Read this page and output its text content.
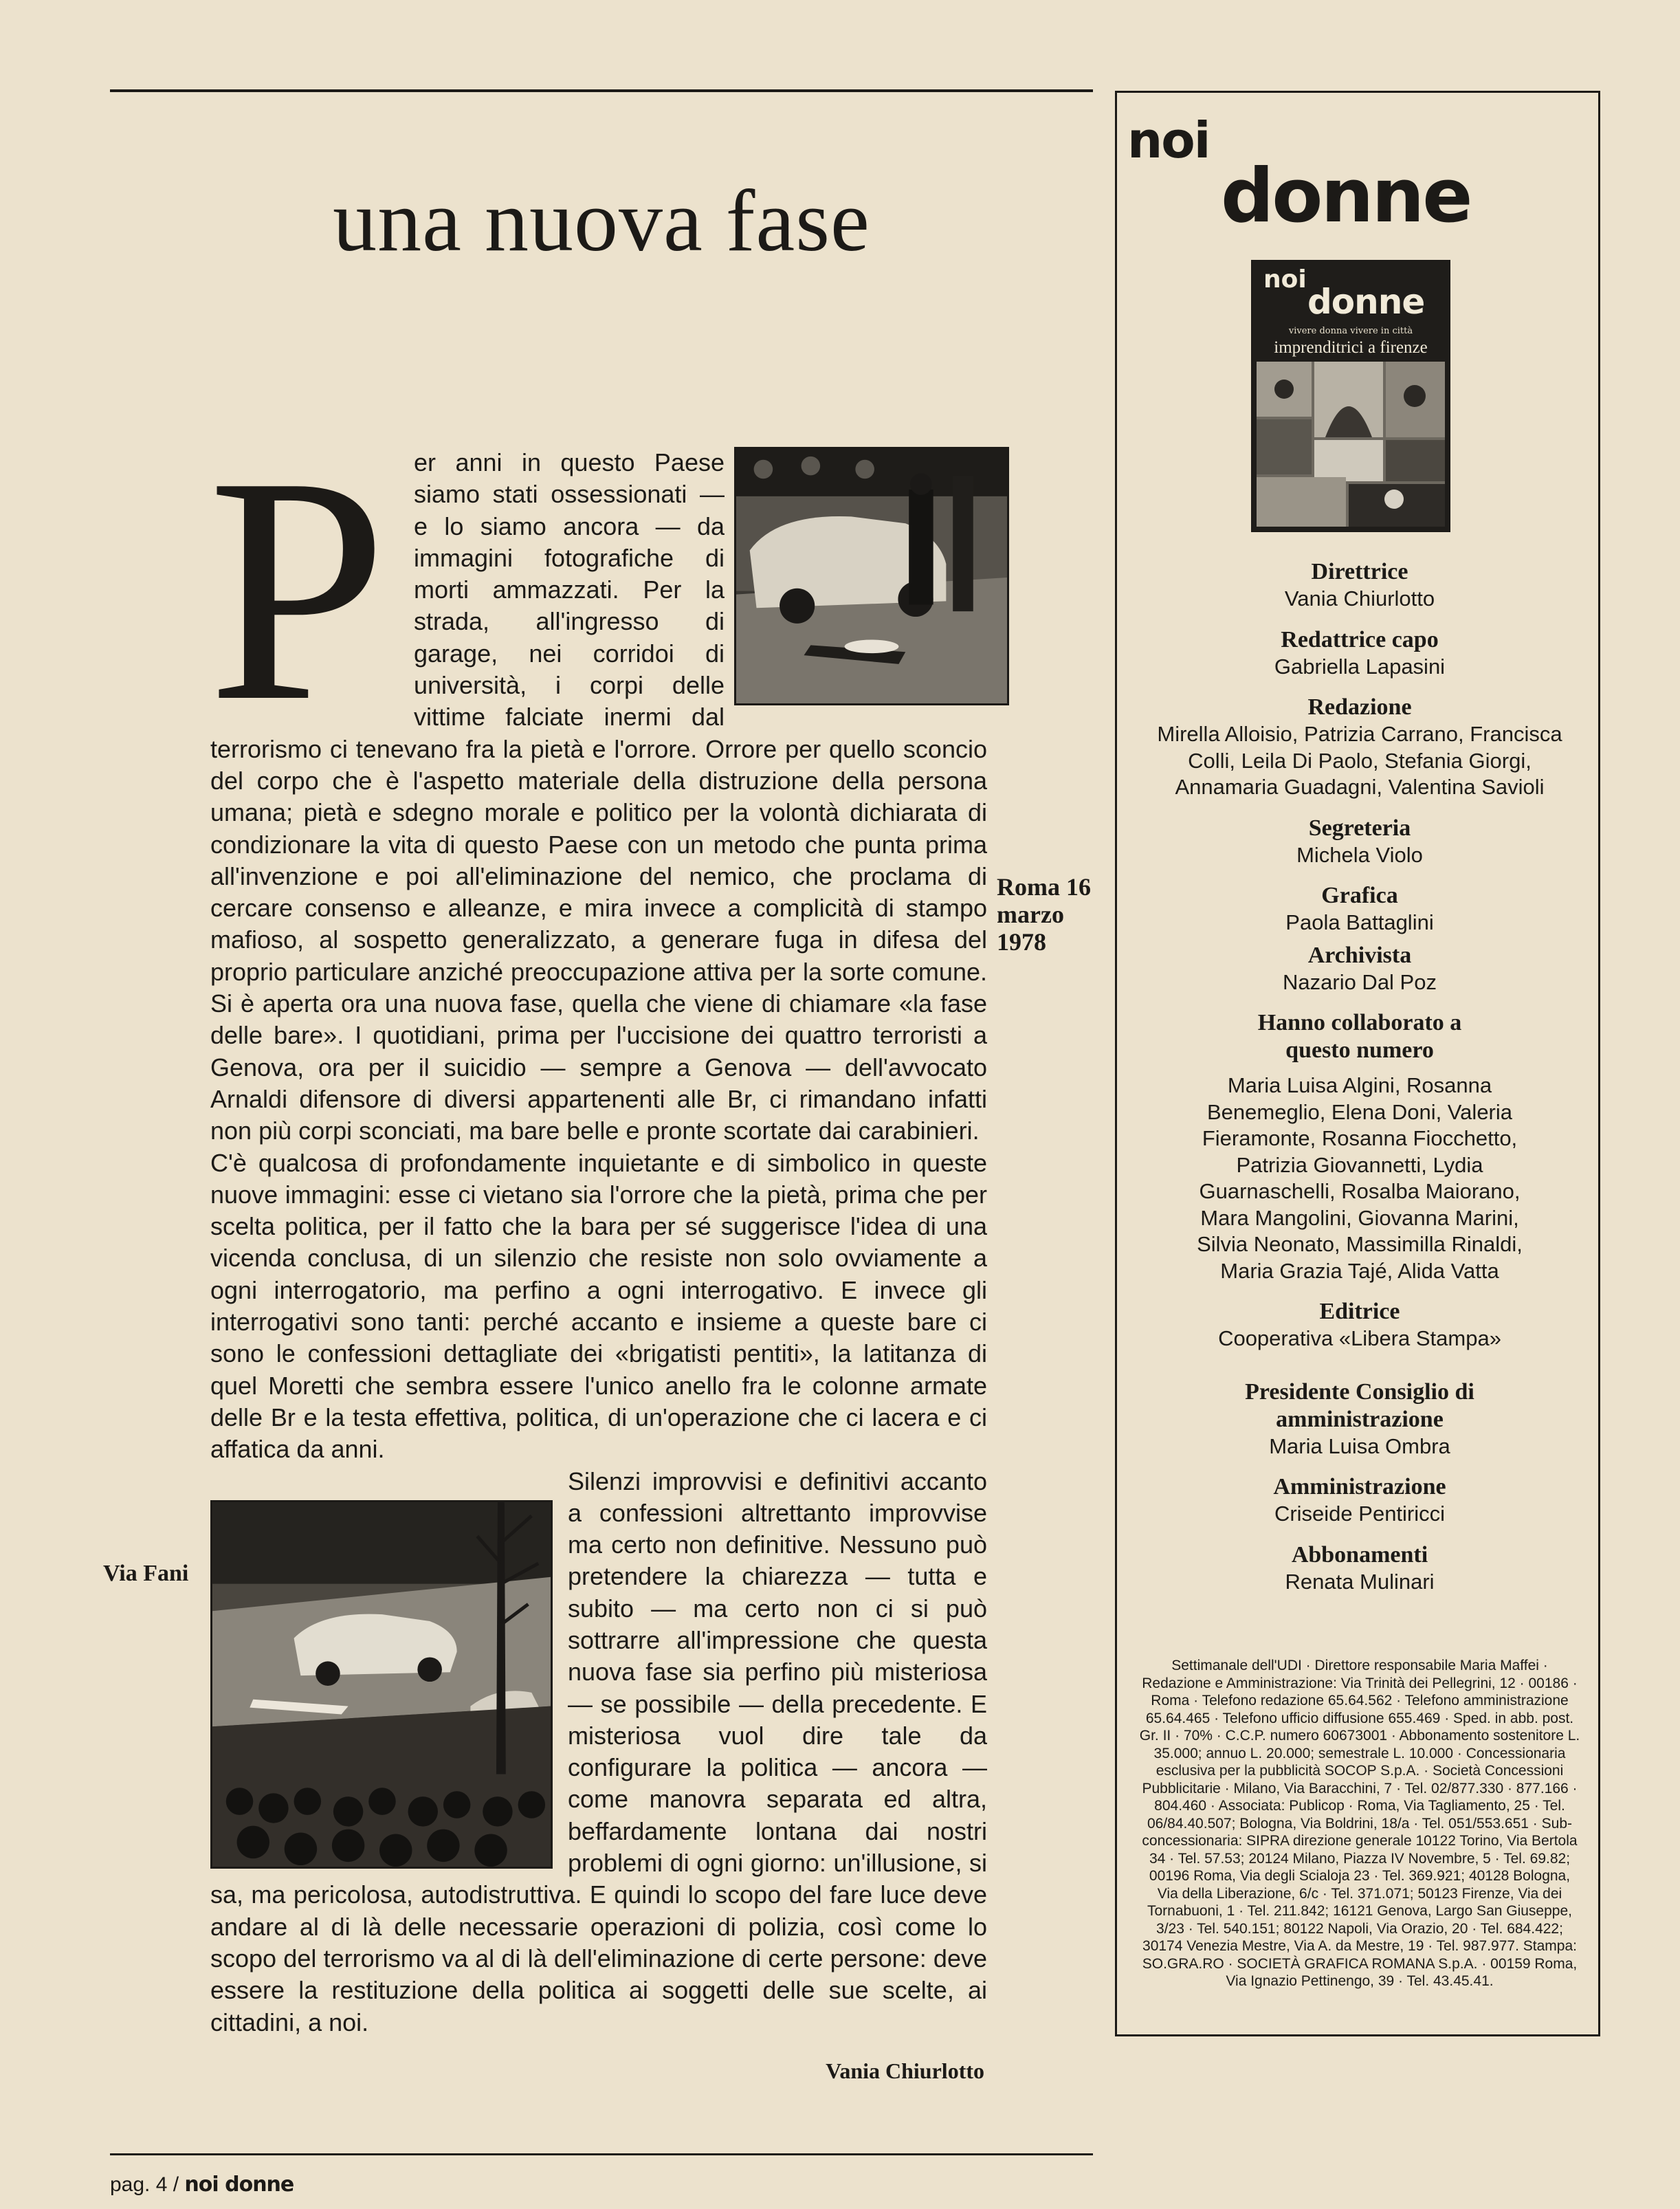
una nuova fase
P	er anni in questo Paese siamo stati ossessionati — e lo siamo ancora — da immagini fotografiche di morti ammazzati. Per la strada, all'ingresso di garage, nei corridoi di università, i corpi delle vittime falciate inermi dal terrorismo ci tenevano fra la pietà e l'orrore. Orrore per quello sconcio del corpo che è l'aspetto materiale della distruzione della persona umana; pietà e sdegno morale e politico per la volontà dichiarata di condizionare la vita di questo Paese con un metodo che punta prima all'invenzione e poi all'eliminazione del nemico, che proclama di cercare consenso e alleanze, e mira invece a complicità di stampo mafioso, al sospetto generalizzato, a generare fuga in difesa del proprio particulare anziché preoccupazione attiva per la sorte comune. Si è aperta ora una nuova fase, quella che viene di chiamare «la fase delle bare». I quotidiani, prima per l'uccisione dei quattro terroristi a Genova, ora per il suicidio — sempre a Genova — dell'avvocato Arnaldi difensore di diversi appartenenti alle Br, ci rimandano infatti non più corpi sconciati, ma bare belle e pronte scortate dai carabinieri.

C'è qualcosa di profondamente inquietante e di simbolico in queste nuove immagini: esse ci vietano sia l'orrore che la pietà, prima che per scelta politica, per il fatto che la bara per sé suggerisce l'idea di una vicenda conclusa, di un silenzio che resiste non solo ovviamente a ogni interrogatorio, ma perfino a ogni interrogativo. E invece gli interrogativi sono tanti: perché accanto e insieme a queste bare ci sono le confessioni dettagliate dei «brigatisti pentiti», la latitanza di quel Moretti che sembra essere l'unico anello fra le colonne armate delle Br e la testa effettiva, politica, di un'operazione che ci lacera e ci affatica da anni.

Silenzi improvvisi e definitivi accanto a confessioni altrettanto improvvise ma certo non definitive. Nessuno può pretendere la chiarezza — tutta e subito — ma certo non ci si può sottrarre all'impressione che questa nuova fase sia perfino più misteriosa — se possibile — della precedente. E misteriosa vuol dire tale da configurare la politica — ancora — come manovra separata ed altra, beffardamente lontana dai nostri problemi di ogni giorno: un'illusione, si sa, ma pericolosa, autodistruttiva. E quindi lo scopo del fare luce deve andare al di là delle necessarie operazioni di polizia, così come lo scopo del terrorismo va al di là dell'eliminazione di certe persone: deve essere la restituzione della politica ai soggetti delle sue scelte, ai cittadini, a noi.

Roma 16 marzo 1978
Via Fani
Vania Chiurlotto
noi
donne
noi
donne
vivere donna vivere in città
imprenditrici a firenze

Direttrice

Vania Chiurlotto

Redattrice capo

Gabriella Lapasini

Redazione

Mirella Alloisio, Patrizia Carrano, Francisca Colli, Leila Di Paolo, Stefania Giorgi, Annamaria Guadagni, Valentina Savioli

Segreteria

Michela Violo

Grafica

Paola Battaglini

Archivista

Nazario Dal Poz

Hanno collaborato a questo numero

Maria Luisa Algini, Rosanna Benemeglio, Elena Doni, Valeria Fieramonte, Rosanna Fiocchetto, Patrizia Giovannetti, Lydia Guarnaschelli, Rosalba Maiorano, Mara Mangolini, Giovanna Marini, Silvia Neonato, Massimilla Rinaldi, Maria Grazia Tajé, Alida Vatta

Editrice

Cooperativa «Libera Stampa»

Presidente Consiglio di amministrazione

Maria Luisa Ombra

Amministrazione

Criseide Pentiricci

Abbonamenti

Renata Mulinari

Settimanale dell'UDI · Direttore responsabile Maria Maffei · Redazione e Amministrazione: Via Trinità dei Pellegrini, 12 · 00186 · Roma · Telefono redazione 65.64.562 · Telefono amministrazione 65.64.465 · Telefono ufficio diffusione 655.469 · Sped. in abb. post. Gr. II · 70% · C.C.P. numero 60673001 · Abbonamento sostenitore L. 35.000; annuo L. 20.000; semestrale L. 10.000 · Concessionaria esclusiva per la pubblicità SOCOP S.p.A. · Società Concessioni Pubblicitarie · Milano, Via Baracchini, 7 · Tel. 02/877.330 · 877.166 · 804.460 · Associata: Publicop · Roma, Via Tagliamento, 25 · Tel. 06/84.40.507; Bologna, Via Boldrini, 18/a · Tel. 051/553.651 · Sub-concessionaria: SIPRA direzione generale 10122 Torino, Via Bertola 34 · Tel. 57.53; 20124 Milano, Piazza IV Novembre, 5 · Tel. 69.82; 00196 Roma, Via degli Scialoja 23 · Tel. 369.921; 40128 Bologna, Via della Liberazione, 6/c · Tel. 371.071; 50123 Firenze, Via dei Tornabuoni, 1 · Tel. 211.842; 16121 Genova, Largo San Giuseppe, 3/23 · Tel. 540.151; 80122 Napoli, Via Orazio, 20 · Tel. 684.422; 30174 Venezia Mestre, Via A. da Mestre, 19 · Tel. 987.977. Stampa: SO.GRA.RO · SOCIETÀ GRAFICA ROMANA S.p.A. · 00159 Roma, Via Ignazio Pettinengo, 39 · Tel. 43.45.41.
pag. 4 / noi donne
